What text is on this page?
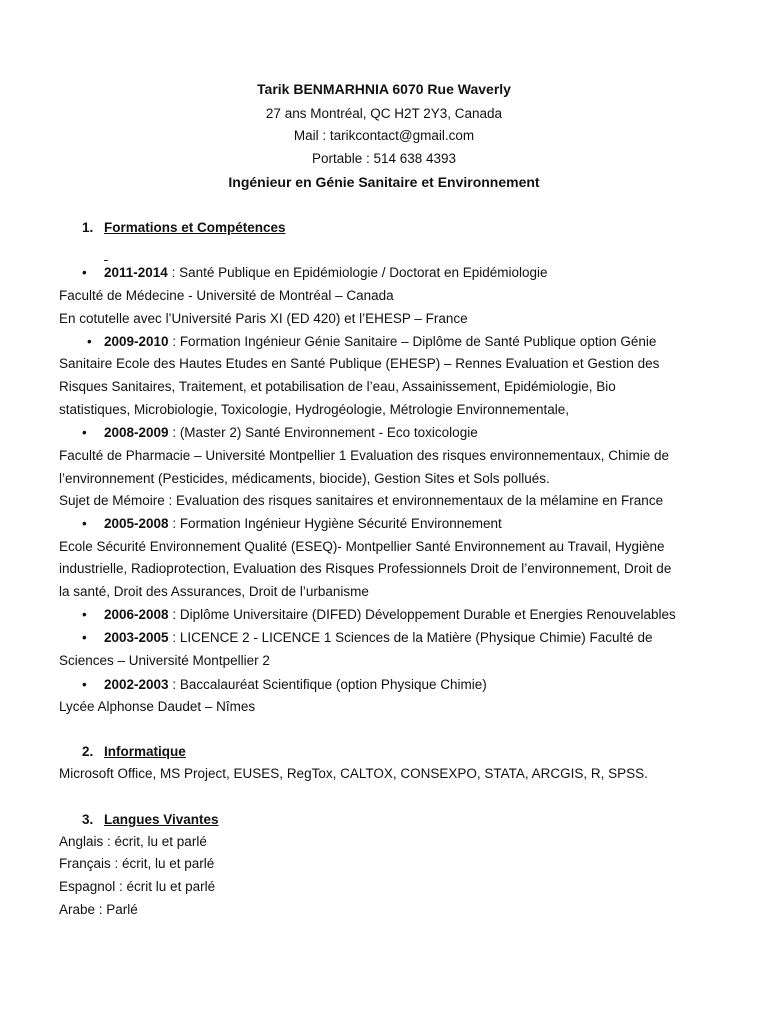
Tarik BENMARHNIA 6070 Rue Waverly
27 ans Montréal, QC H2T 2Y3, Canada
Mail : tarikcontact@gmail.com
Portable : 514 638 4393
Ingénieur en Génie Sanitaire et Environnement
1. Formations et Compétences

• 2011-2014 : Santé Publique en Epidémiologie / Doctorat en Epidémiologie
Faculté de Médecine - Université de Montréal – Canada
En cotutelle avec l’Université Paris XI (ED 420) et l’EHESP – France
• 2009-2010 : Formation Ingénieur Génie Sanitaire – Diplôme de Santé Publique option Génie
Sanitaire Ecole des Hautes Etudes en Santé Publique (EHESP) – Rennes Evaluation et Gestion des
Risques Sanitaires, Traitement, et potabilisation de l’eau, Assainissement, Epidémiologie, Bio
statistiques, Microbiologie, Toxicologie, Hydrogéologie, Métrologie Environnementale,
• 2008-2009 : (Master 2) Santé Environnement - Eco toxicologie
Faculté de Pharmacie – Université Montpellier 1 Evaluation des risques environnementaux, Chimie de
l’environnement (Pesticides, médicaments, biocide), Gestion Sites et Sols pollués.
Sujet de Mémoire : Evaluation des risques sanitaires et environnementaux de la mélamine en France
• 2005-2008 : Formation Ingénieur Hygiène Sécurité Environnement
Ecole Sécurité Environnement Qualité (ESEQ)- Montpellier Santé Environnement au Travail, Hygiène
industrielle, Radioprotection, Evaluation des Risques Professionnels Droit de l’environnement, Droit de
la santé, Droit des Assurances, Droit de l’urbanisme
• 2006-2008 : Diplôme Universitaire (DIFED) Développement Durable et Energies Renouvelables
• 2003-2005 : LICENCE 2 - LICENCE 1 Sciences de la Matière (Physique Chimie) Faculté de
Sciences – Université Montpellier 2
• 2002-2003 : Baccalauréat Scientifique (option Physique Chimie)
Lycée Alphonse Daudet – Nîmes
2. Informatique
Microsoft Office, MS Project, EUSES, RegTox, CALTOX, CONSEXPO, STATA, ARCGIS, R, SPSS.
3. Langues Vivantes
Anglais : écrit, lu et parlé
Français : écrit, lu et parlé
Espagnol : écrit lu et parlé
Arabe : Parlé
